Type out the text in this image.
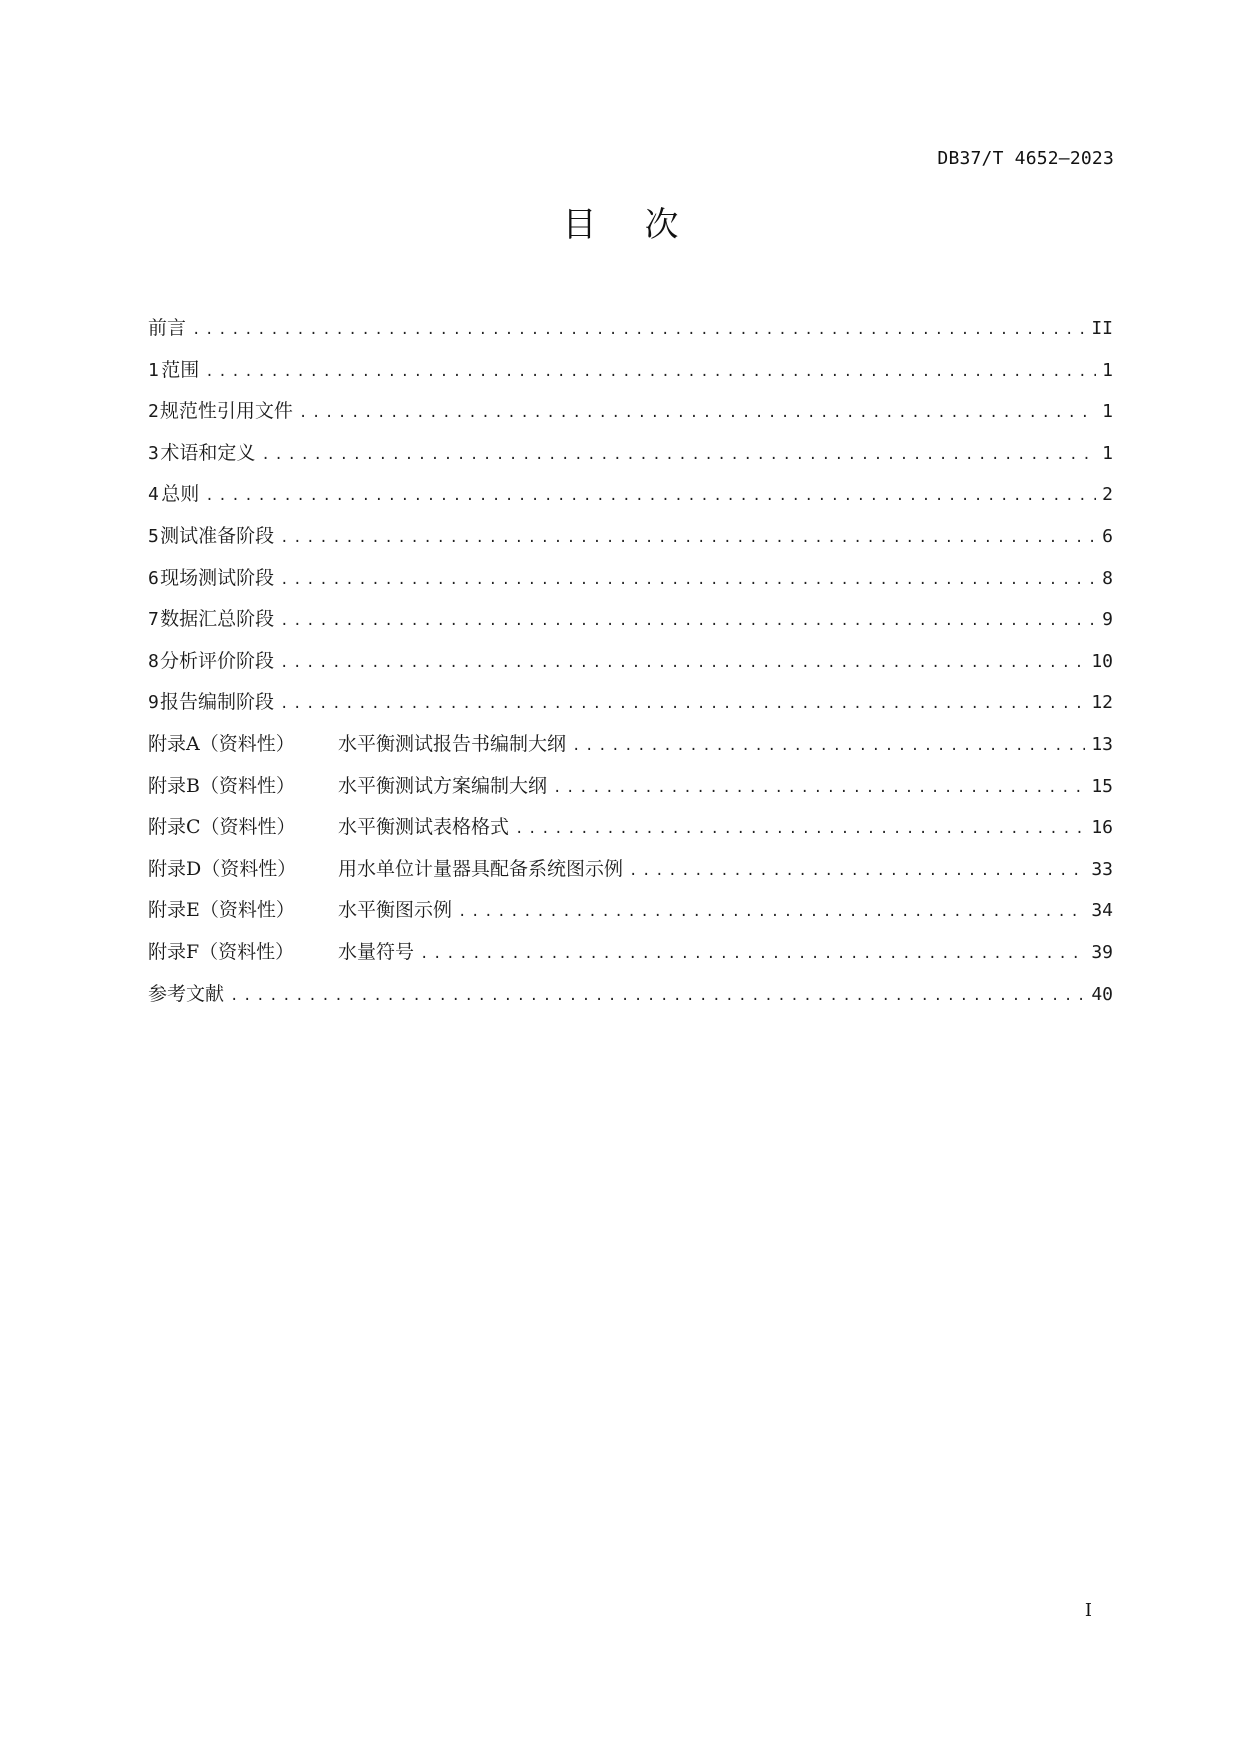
DB37/T 4652—2023
目次
前言 .....	II
1 范围 .....	1
2 规范性引用文件 .....	1
3 术语和定义 .....	1
4 总则 .....	2
5 测试准备阶段 .....	6
6 现场测试阶段 .....	8
7 数据汇总阶段 .....	9
8 分析评价阶段 .....	10
9 报告编制阶段 .....	12
附录A（资料性）	水平衡测试报告书编制大纲 .....	13
附录B（资料性）	水平衡测试方案编制大纲 .....	15
附录C（资料性）	水平衡测试表格格式 .....	16
附录D（资料性）	用水单位计量器具配备系统图示例 .....	33
附录E（资料性）	水平衡图示例 .....	34
附录F（资料性）	水量符号 .....	39
参考文献 .....	40
I
